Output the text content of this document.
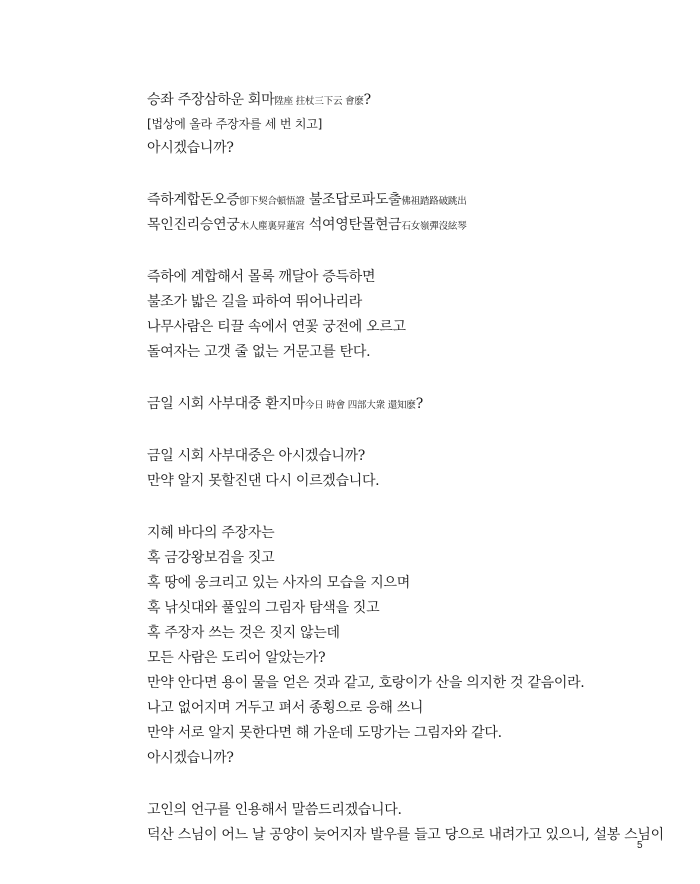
승좌 주장삼하운 회마陞座 拄杖三下云 會麽?
[법상에 올라 주장자를 세 번 치고]
아시겠습니까?
즉하계합돈오증卽下契合頓悟證 불조답로파도출佛祖踏路破跳出
목인진리승연궁木人塵裏昇蓮宮 석여영탄몰현금石女嶺彈沒絃琴
즉하에 계합해서 몰록 깨달아 증득하면
불조가 밟은 길을 파하여 뛰어나리라
나무사람은 티끌 속에서 연꽃 궁전에 오르고
돌여자는 고갯 줄 없는 거문고를 탄다.
금일 시회 사부대중 환지마今日 時會 四部大衆 還知麽?
금일 시회 사부대중은 아시겠습니까?
만약 알지 못할진댄 다시 이르겠습니다.
지혜 바다의 주장자는
혹 금강왕보검을 짓고
혹 땅에 웅크리고 있는 사자의 모습을 지으며
혹 낚싯대와 풀잎의 그림자 탐색을 짓고
혹 주장자 쓰는 것은 짓지 않는데
모든 사람은 도리어 알았는가?
만약 안다면 용이 물을 얻은 것과 같고, 호랑이가 산을 의지한 것 같음이라.
나고 없어지며 거두고 펴서 종횡으로 응해 쓰니
만약 서로 알지 못한다면 해 가운데 도망가는 그림자와 같다.
아시겠습니까?
고인의 언구를 인용해서 말씀드리겠습니다.
덕산 스님이 어느 날 공양이 늦어지자 발우를 들고 당으로 내려가고 있으니, 설봉 스님이
5
